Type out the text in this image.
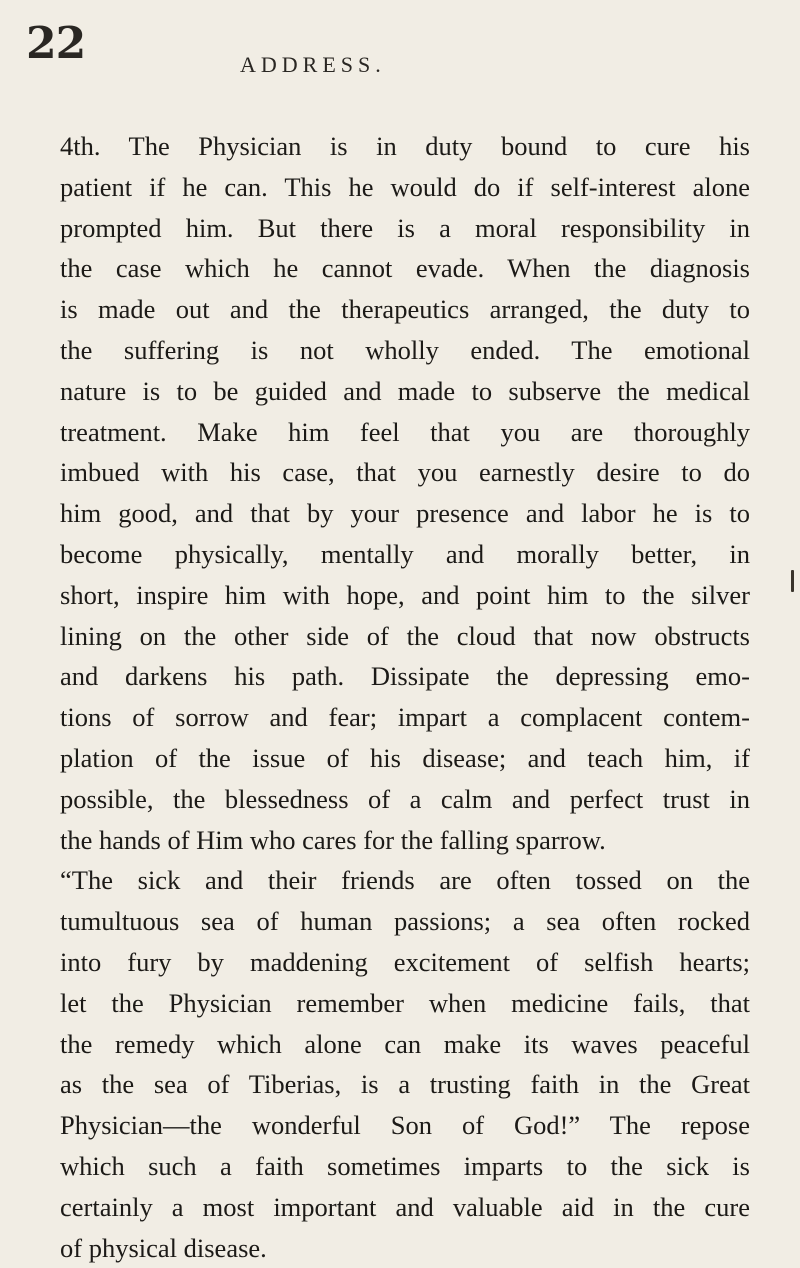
22	ADDRESS.
4th. The Physician is in duty bound to cure his
patient if he can. This he would do if self-interest alone
prompted him. But there is a moral responsibility in
the case which he cannot evade. When the diagnosis
is made out and the therapeutics arranged, the duty to
the suffering is not wholly ended. The emotional
nature is to be guided and made to subserve the medical
treatment. Make him feel that you are thoroughly
imbued with his case, that you earnestly desire to do
him good, and that by your presence and labor he is to
become physically, mentally and morally better, in
short, inspire him with hope, and point him to the silver
lining on the other side of the cloud that now obstructs
and darkens his path. Dissipate the depressing emo-
tions of sorrow and fear; impart a complacent contem-
plation of the issue of his disease; and teach him, if
possible, the blessedness of a calm and perfect trust in
the hands of Him who cares for the falling sparrow.
“The sick and their friends are often tossed on the
tumultuous sea of human passions; a sea often rocked
into fury by maddening excitement of selfish hearts;
let the Physician remember when medicine fails, that
the remedy which alone can make its waves peaceful
as the sea of Tiberias, is a trusting faith in the Great
Physician—the wonderful Son of God!” The repose
which such a faith sometimes imparts to the sick is
certainly a most important and valuable aid in the cure
of physical disease.
